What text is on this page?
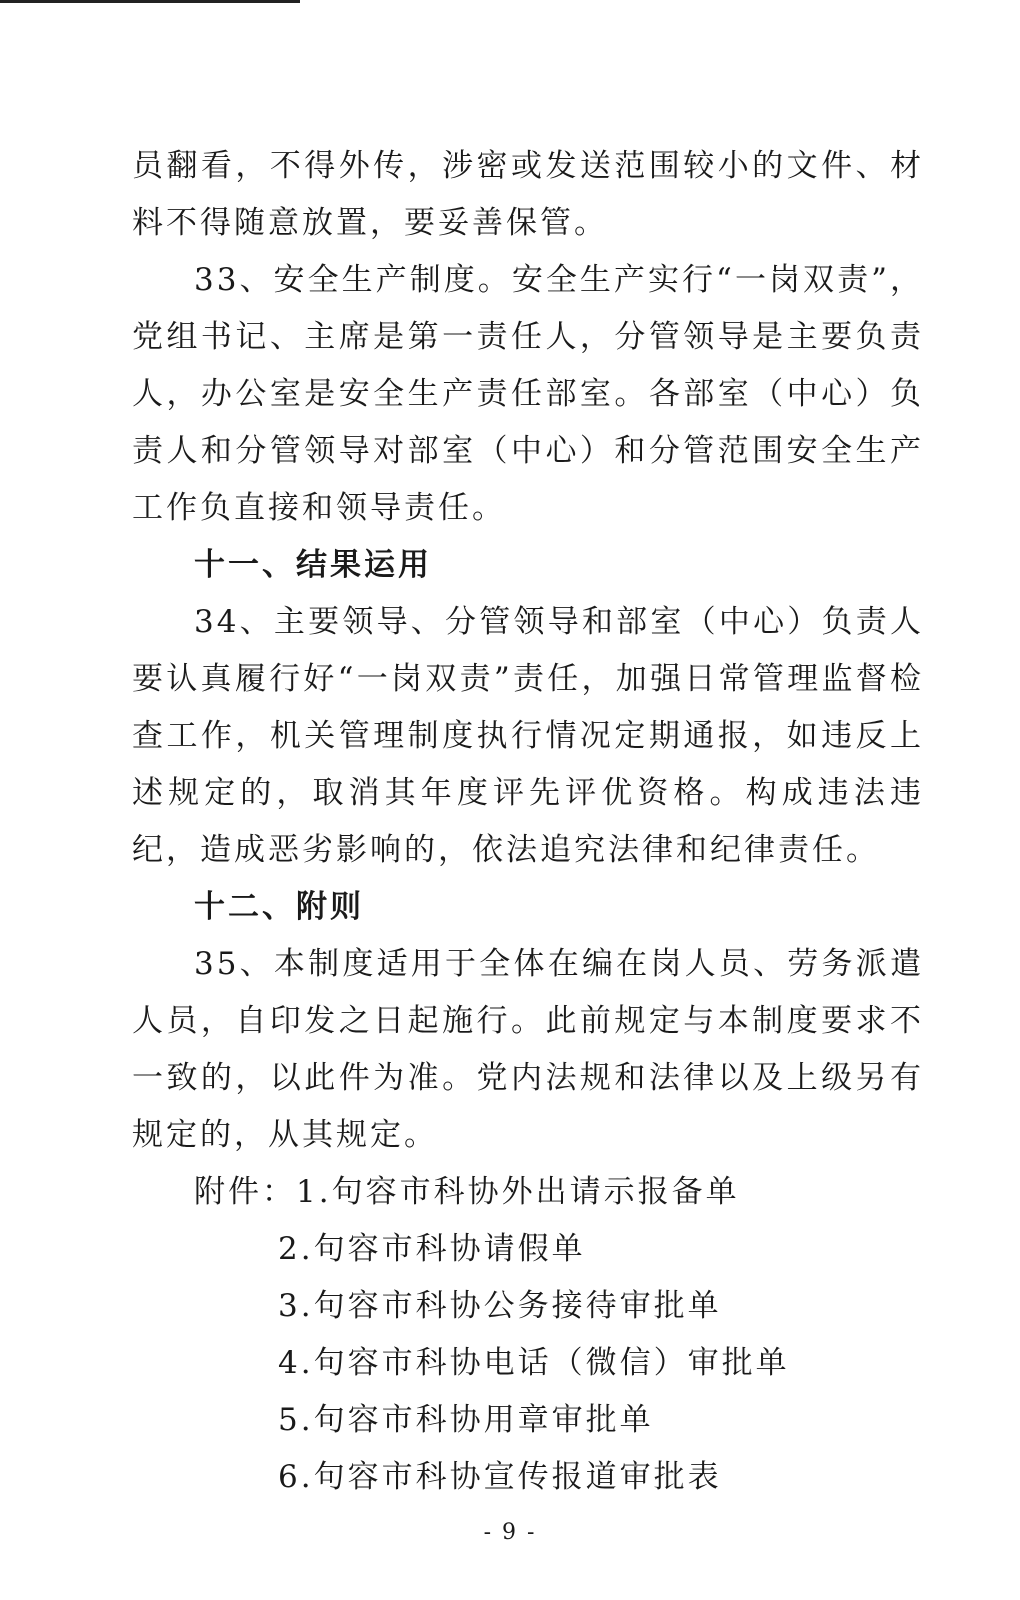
员翻看，不得外传，涉密或发送范围较小的文件、材料不得随意放置，要妥善保管。

33、安全生产制度。安全生产实行“一岗双责”，党组书记、主席是第一责任人，分管领导是主要负责人，办公室是安全生产责任部室。各部室（中心）负责人和分管领导对部室（中心）和分管范围安全生产工作负直接和领导责任。

十一、结果运用

34、主要领导、分管领导和部室（中心）负责人要认真履行好“一岗双责”责任，加强日常管理监督检查工作，机关管理制度执行情况定期通报，如违反上述规定的，取消其年度评先评优资格。构成违法违纪，造成恶劣影响的，依法追究法律和纪律责任。

十二、附则

35、本制度适用于全体在编在岗人员、劳务派遣人员，自印发之日起施行。此前规定与本制度要求不一致的，以此件为准。党内法规和法律以及上级另有规定的，从其规定。

附件：1.句容市科协外出请示报备单

2.句容市科协请假单
3.句容市科协公务接待审批单
4.句容市科协电话（微信）审批单
5.句容市科协用章审批单
6.句容市科协宣传报道审批表
- 9 -
